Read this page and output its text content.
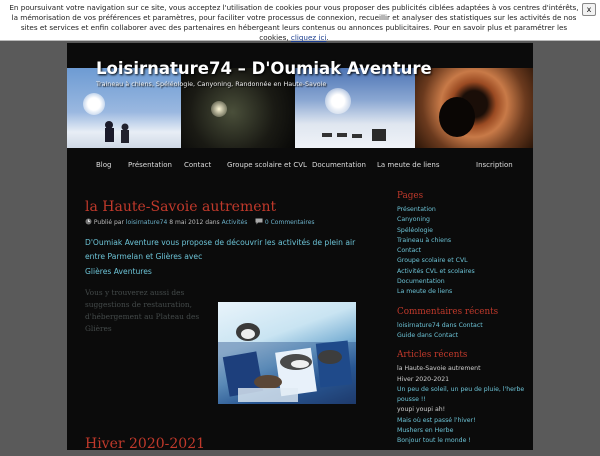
En poursuivant votre navigation sur ce site, vous acceptez l'utilisation de cookies pour vous proposer des publicités ciblées adaptées à vos centres d'intérêts, la mémorisation de vos préférences et paramètres, pour faciliter votre processus de connexion, recueillir et analyser des statistiques sur les activités de nos sites et services et enfin collaborer avec des partenaires en hébergeant leurs contenus ou annonces publicitaires. Pour en savoir plus et paramétrer les cookies, cliquez ici.
x
Loisirnature74 – D'Oumiak Aventure
Traineau à chiens, Spéléologie, Canyoning, Randonnée en Haute-Savoie
Blog Présentation Contact Groupe scolaire et CVL Documentation La meute de liens	Inscription
la Haute-Savoie autrement
Publié par loisirnature74 8 mai 2012 dans Activités	0 Commentaires
D'Oumiak Aventure vous propose de découvrir les activités de plein air entre Parmelan et Glières avec
Glières Aventures
Vous y trouverez aussi des suggestions de restauration, d'hébergement au Plateau des Glières
Hiver 2020-2021
Pages
Présentation
Canyoning
Spéléologie
Traineau à chiens
Contact
Groupe scolaire et CVL
Activités CVL et scolaires
Documentation
La meute de liens
Commentaires récents
loisirnature74 dans Contact
Guide dans Contact
Articles récents
la Haute-Savoie autrement
Hiver 2020-2021
Un peu de soleil, un peu de pluie, l'herbe
pousse !!
youpi youpi ah!
Mais où est passé l'hiver!
Mushers en Herbe
Bonjour tout le monde !
